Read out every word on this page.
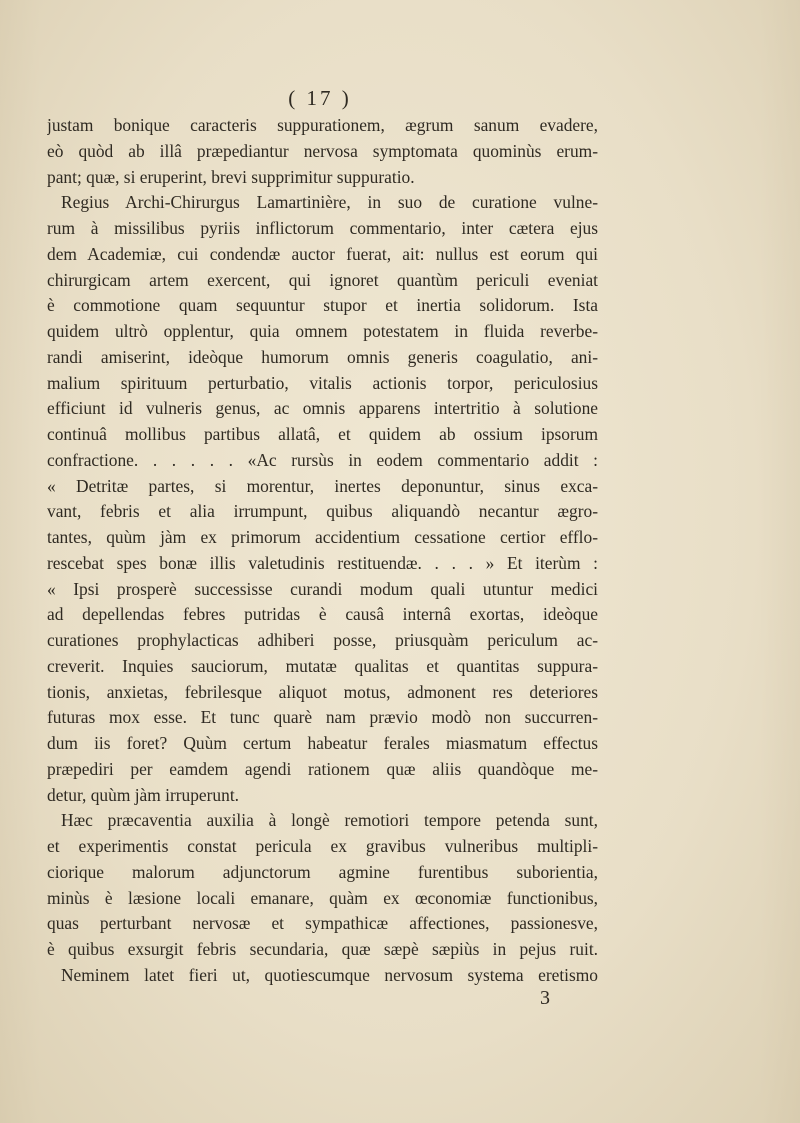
( 17 )
justam bonique caracteris suppurationem, ægrum sanum evadere,
eò quòd ab illâ præpediantur nervosa symptomata quominùs erum-
pant; quæ, si eruperint, brevi supprimitur suppuratio.
Regius Archi-Chirurgus Lamartinière, in suo de curatione vulne-
rum à missilibus pyriis inflictorum commentario, inter cætera ejus
dem Academiæ, cui condendæ auctor fuerat, ait: nullus est eorum qui
chirurgicam artem exercent, qui ignoret quantùm periculi eveniat
è commotione quam sequuntur stupor et inertia solidorum. Ista
quidem ultrò opplentur, quia omnem potestatem in fluida reverbe-
randi amiserint, ideòque humorum omnis generis coagulatio, ani-
malium spirituum perturbatio, vitalis actionis torpor, periculosius
efficiunt id vulneris genus, ac omnis apparens intertritio à solutione
continuâ mollibus partibus allatâ, et quidem ab ossium ipsorum
confractione. . . . . . «Ac rursùs in eodem commentario addit :
« Detritæ partes, si morentur, inertes deponuntur, sinus exca-
vant, febris et alia irrumpunt, quibus aliquandò necantur ægro-
tantes, quùm jàm ex primorum accidentium cessatione certior efflo-
rescebat spes bonæ illis valetudinis restituendæ. . . . » Et iterùm :
« Ipsi prosperè successisse curandi modum quali utuntur medici
ad depellendas febres putridas è causâ internâ exortas, ideòque
curationes prophylacticas adhiberi posse, priusquàm periculum ac-
creverit. Inquies sauciorum, mutatæ qualitas et quantitas suppura-
tionis, anxietas, febrilesque aliquot motus, admonent res deteriores
futuras mox esse. Et tunc quarè nam prævio modò non succurren-
dum iis foret? Quùm certum habeatur ferales miasmatum effectus
præpediri per eamdem agendi rationem quæ aliis quandòque me-
detur, quùm jàm irruperunt.
Hæc præcaventia auxilia à longè remotiori tempore petenda sunt,
et experimentis constat pericula ex gravibus vulneribus multipli-
ciorique malorum adjunctorum agmine furentibus suborientia,
minùs è læsione locali emanare, quàm ex œconomiæ functionibus,
quas perturbant nervosæ et sympathicæ affectiones, passionesve,
è quibus exsurgit febris secundaria, quæ sæpè sæpiùs in pejus ruit.
Neminem latet fieri ut, quotiescumque nervosum systema eretismo
3
